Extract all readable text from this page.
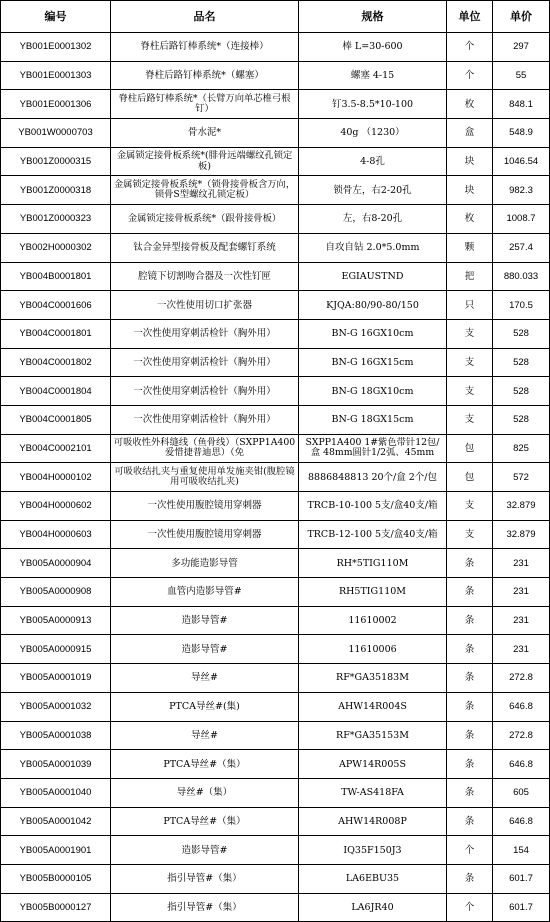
编号	品名	规格	单位	单价
YB001E0001302	脊柱后路钉棒系统*（连接棒）	棒 L=30-600	个	297
YB001E0001303	脊柱后路钉棒系统*（螺塞）	螺塞 4-15	个	55
YB001E0001306	脊柱后路钉棒系统*（长臂万向单芯椎弓根钉）	钉3.5-8.5*10-100	枚	848.1
YB001W0000703	骨水泥*	40g （1230）	盒	548.9
YB001Z0000315	金属锁定接骨板系统*(腓骨远端螺纹孔锁定板)	4-8孔	块	1046.54
YB001Z0000318	金属锁定接骨板系统*（锁骨接骨板含万向，锁骨S型螺纹孔锁定板）	锁骨左，右2-20孔	块	982.3
YB001Z0000323	金属锁定接骨板系统*（跟骨接骨板）	左，右8-20孔	枚	1008.7
YB002H0000302	钛合金异型接骨板及配套螺钉系统	自攻自钻 2.0*5.0mm	颗	257.4
YB004B0001801	腔镜下切割吻合器及一次性钉匣	EGIAUSTND	把	880.033
YB004C0001606	一次性使用切口扩张器	KJQA:80/90-80/150	只	170.5
YB004C0001801	一次性使用穿刺活检针（胸外用）	BN-G 16GX10cm	支	528
YB004C0001802	一次性使用穿刺活检针（胸外用）	BN-G 16GX15cm	支	528
YB004C0001804	一次性使用穿刺活检针（胸外用）	BN-G 18GX10cm	支	528
YB004C0001805	一次性使用穿刺活检针（胸外用）	BN-G 18GX15cm	支	528
YB004C0002101	可吸收性外科缝线（鱼骨线）（SXPP1A400 爱惜捷普迪思）（免	SXPP1A400 1#紫色带针12包/盒 48mm圆针1/2弧、45mm	包	825
YB004H0000102	可吸收结扎夹与重复使用单发施夹钳(腹腔镜用可吸收结扎夹)	8886848813 20个/盒 2个/包	包	572
YB004H0000602	一次性使用腹腔镜用穿刺器	TRCB-10-100 5支/盒40支/箱	支	32.879
YB004H0000603	一次性使用腹腔镜用穿刺器	TRCB-12-100 5支/盒40支/箱	支	32.879
YB005A0000904	多功能造影导管	RH*5TIG110M	条	231
YB005A0000908	血管内造影导管#	RH5TIG110M	条	231
YB005A0000913	造影导管#	11610002	条	231
YB005A0000915	造影导管#	11610006	条	231
YB005A0001019	导丝#	RF*GA35183M	条	272.8
YB005A0001032	PTCA导丝#(集)	AHW14R004S	条	646.8
YB005A0001038	导丝#	RF*GA35153M	条	272.8
YB005A0001039	PTCA导丝#（集）	APW14R005S	条	646.8
YB005A0001040	导丝#（集）	TW-AS418FA	条	605
YB005A0001042	PTCA导丝#（集）	AHW14R008P	条	646.8
YB005A0001901	造影导管#	IQ35F150J3	个	154
YB005B0000105	指引导管#（集）	LA6EBU35	条	601.7
YB005B0000127	指引导管#（集）	LA6JR40	个	601.7
